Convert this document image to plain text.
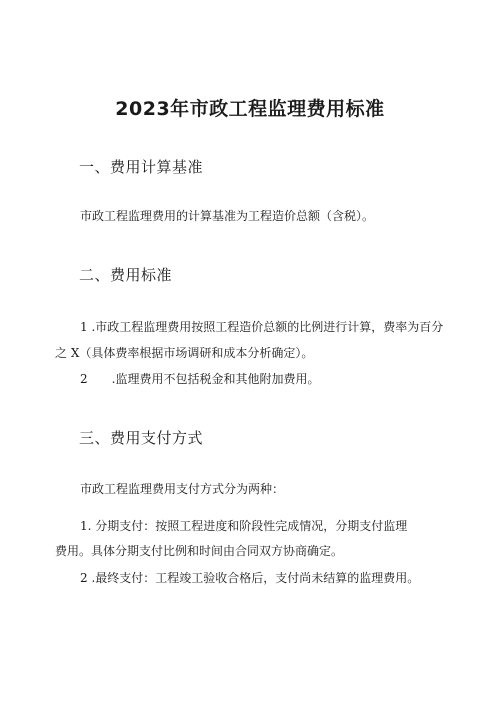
2023年市政工程监理费用标准
一、费用计算基准
市政工程监理费用的计算基准为工程造价总额（含税）。
二、费用标准
1 .市政工程监理费用按照工程造价总额的比例进行计算，费率为百分
之 X（具体费率根据市场调研和成本分析确定）。
2　　.监理费用不包括税金和其他附加费用。
三、费用支付方式
市政工程监理费用支付方式分为两种：
1. 分期支付：按照工程进度和阶段性完成情况，分期支付监理
费用。具体分期支付比例和时间由合同双方协商确定。
2 .最终支付：工程竣工验收合格后，支付尚未结算的监理费用。
